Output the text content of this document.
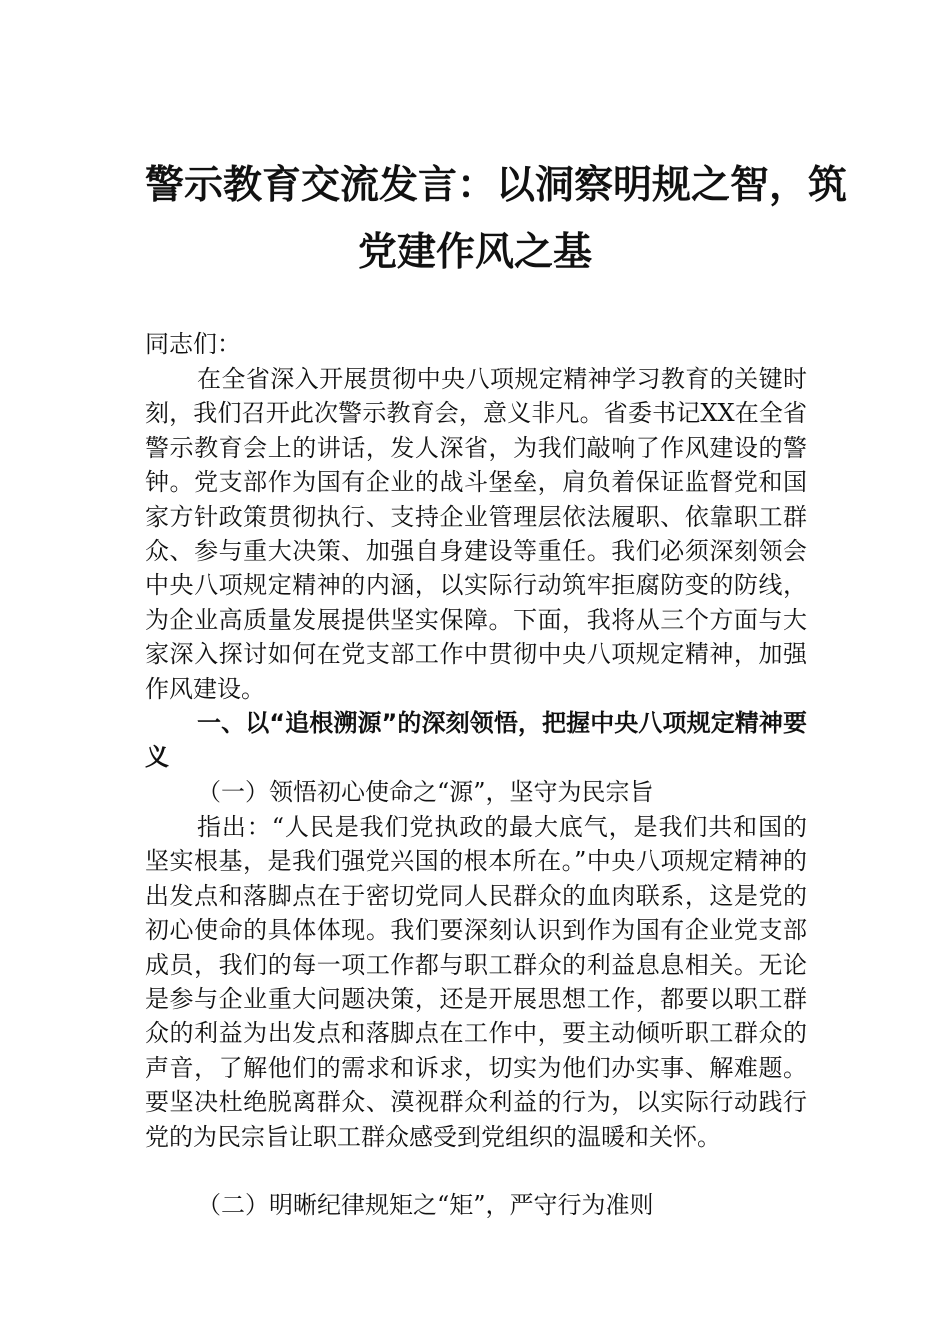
警示教育交流发言：以洞察明规之智，筑
党建作风之基
同志们：
在全省深入开展贯彻中央八项规定精神学习教育的关键时刻，我们召开此次警示教育会，意义非凡。省委书记XX在全省警示教育会上的讲话，发人深省，为我们敲响了作风建设的警钟。党支部作为国有企业的战斗堡垒，肩负着保证监督党和国家方针政策贯彻执行、支持企业管理层依法履职、依靠职工群众、参与重大决策、加强自身建设等重任。我们必须深刻领会中央八项规定精神的内涵，以实际行动筑牢拒腐防变的防线，为企业高质量发展提供坚实保障。下面，我将从三个方面与大家深入探讨如何在党支部工作中贯彻中央八项规定精神，加强作风建设。
一、以“追根溯源”的深刻领悟，把握中央八项规定精神要义
（一）领悟初心使命之“源”，坚守为民宗旨
指出：“人民是我们党执政的最大底气，是我们共和国的坚实根基，是我们强党兴国的根本所在。”中央八项规定精神的出发点和落脚点在于密切党同人民群众的血肉联系，这是党的初心使命的具体体现。我们要深刻认识到作为国有企业党支部成员，我们的每一项工作都与职工群众的利益息息相关。无论是参与企业重大问题决策，还是开展思想工作，都要以职工群众的利益为出发点和落脚点在工作中，要主动倾听职工群众的声音，了解他们的需求和诉求，切实为他们办实事、解难题。要坚决杜绝脱离群众、漠视群众利益的行为，以实际行动践行党的为民宗旨让职工群众感受到党组织的温暖和关怀。
（二）明晰纪律规矩之“矩”，严守行为准则
